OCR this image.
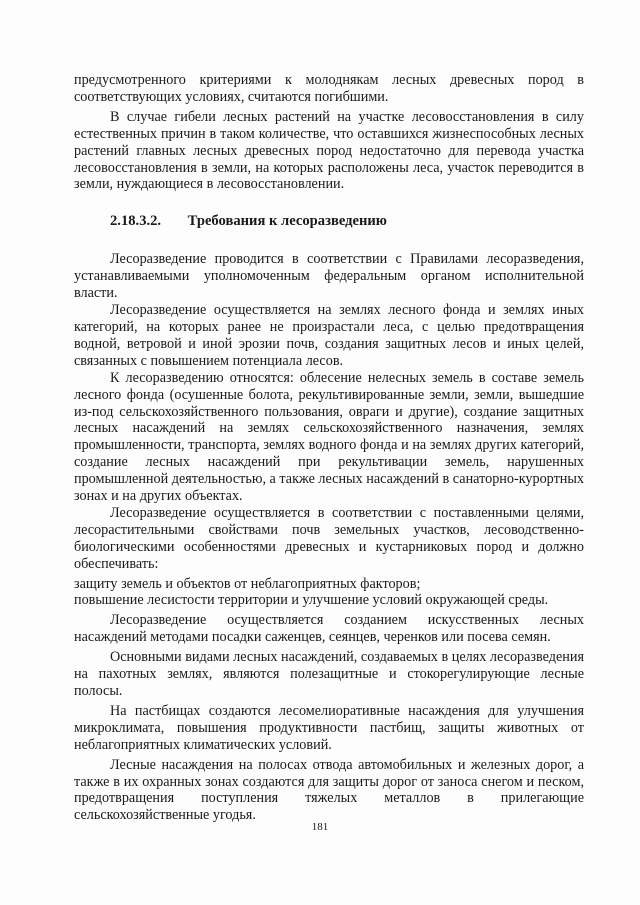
предусмотренного критериями к молоднякам лесных древесных пород в соответствующих условиях, считаются погибшими.

В случае гибели лесных растений на участке лесовосстановления в силу естественных причин в таком количестве, что оставшихся жизнеспособных лесных растений главных лесных древесных пород недостаточно для перевода участка лесовосстановления в земли, на которых расположены леса, участок переводится в земли, нуждающиеся в лесовосстановлении.

2.18.3.2. Требования к лесоразведению

Лесоразведение проводится в соответствии с Правилами лесоразведения, устанавливаемыми уполномоченным федеральным органом исполнительной власти.

Лесоразведение осуществляется на землях лесного фонда и землях иных категорий, на которых ранее не произрастали леса, с целью предотвращения водной, ветровой и иной эрозии почв, создания защитных лесов и иных целей, связанных с повышением потенциала лесов.

К лесоразведению относятся: облесение нелесных земель в составе земель лесного фонда (осушенные болота, рекультивированные земли, земли, вышедшие из-под сельскохозяйственного пользования, овраги и другие), создание защитных лесных насаждений на землях сельскохозяйственного назначения, землях промышленности, транспорта, землях водного фонда и на землях других категорий, создание лесных насаждений при рекультивации земель, нарушенных промышленной деятельностью, а также лесных насаждений в санаторно-курортных зонах и на других объектах.

Лесоразведение осуществляется в соответствии с поставленными целями, лесорастительными свойствами почв земельных участков, лесоводственно-биологическими особенностями древесных и кустарниковых пород и должно обеспечивать:

защиту земель и объектов от неблагоприятных факторов;

повышение лесистости территории и улучшение условий окружающей среды.

Лесоразведение осуществляется созданием искусственных лесных насаждений методами посадки саженцев, сеянцев, черенков или посева семян.

Основными видами лесных насаждений, создаваемых в целях лесоразведения на пахотных землях, являются полезащитные и стокорегулирующие лесные полосы.

На пастбищах создаются лесомелиоративные насаждения для улучшения микроклимата, повышения продуктивности пастбищ, защиты животных от неблагоприятных климатических условий.

Лесные насаждения на полосах отвода автомобильных и железных дорог, а также в их охранных зонах создаются для защиты дорог от заноса снегом и песком, предотвращения поступления тяжелых металлов в прилегающие сельскохозяйственные угодья.

181
